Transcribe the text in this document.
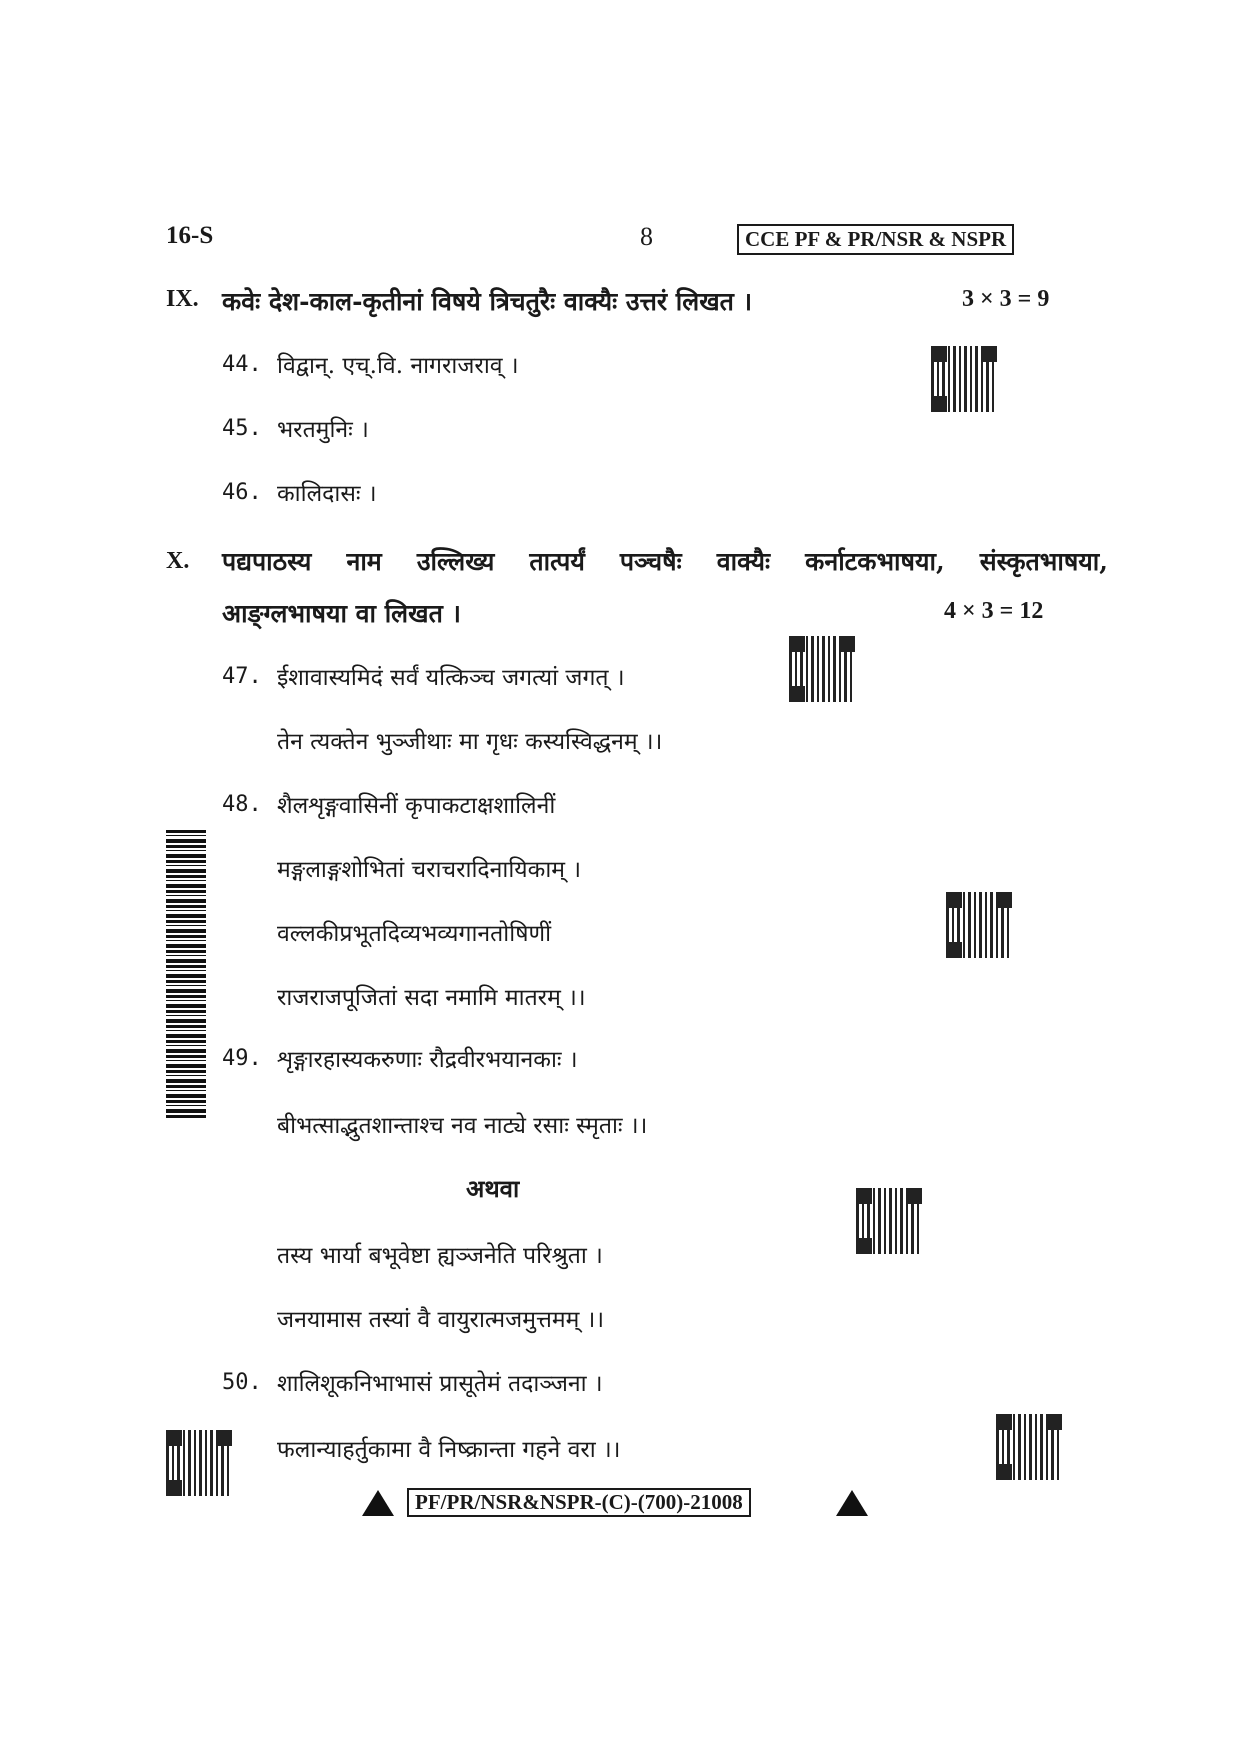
16-S	8	CCE PF & PR/NSR & NSPR
IX. कवेः देश-काल-कृतीनां विषये त्रिचतुरैः वाक्यैः उत्तरं लिखत ।	3 × 3 = 9
44. विद्वान्. एच्.वि. नागराजराव् ।
45. भरतमुनिः ।
46. कालिदासः ।
X. पद्यपाठस्य नाम उल्लिख्य तात्पर्यं पञ्चषैः वाक्यैः कर्नाटकभाषया, संस्कृतभाषया,
आङ्ग्लभाषया वा लिखत ।	4 × 3 = 12
47. ईशावास्यमिदं सर्वं यत्किञ्च जगत्यां जगत् ।
तेन त्यक्तेन भुञ्जीथाः मा गृधः कस्यस्विद्धनम् ।।
48. शैलशृङ्गवासिनीं कृपाकटाक्षशालिनीं
मङ्गलाङ्गशोभितां चराचरादिनायिकाम् ।
वल्लकीप्रभूतदिव्यभव्यगानतोषिणीं
राजराजपूजितां सदा नमामि मातरम् ।।
49. शृङ्गारहास्यकरुणाः रौद्रवीरभयानकाः ।
बीभत्साद्भुतशान्ताश्च नव नाट्ये रसाः स्मृताः ।।
अथवा
तस्य भार्या बभूवेष्टा ह्यञ्जनेति परिश्रुता ।
जनयामास तस्यां वै वायुरात्मजमुत्तमम् ।।
50. शालिशूकनिभाभासं प्रासूतेमं तदाञ्जना ।
फलान्याहर्तुकामा वै निष्क्रान्ता गहने वरा ।।
PF/PR/NSR&NSPR-(C)-(700)-21008
